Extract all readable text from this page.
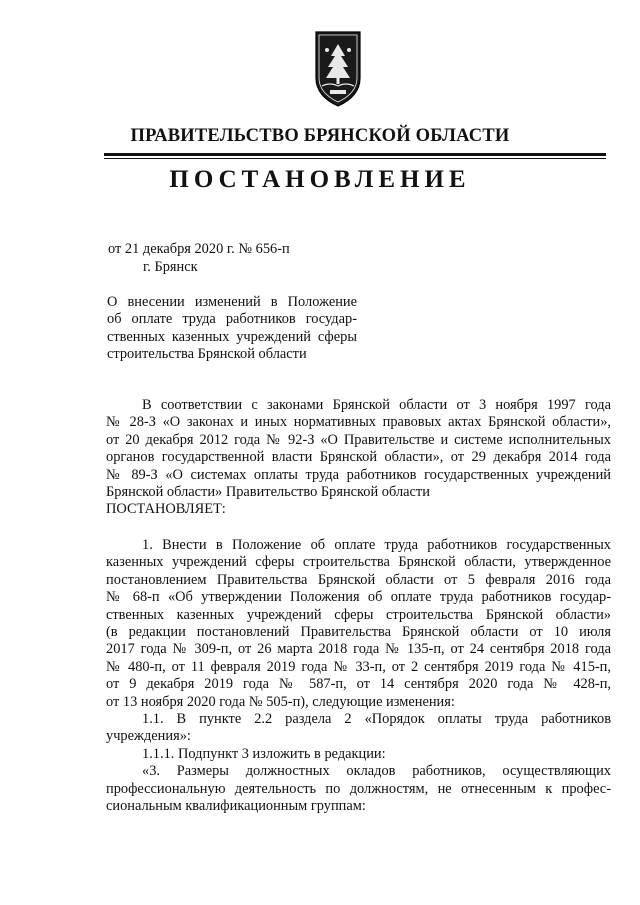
ПРАВИТЕЛЬСТВО БРЯНСКОЙ ОБЛАСТИ
ПОСТАНОВЛЕНИЕ
от 21 декабря 2020 г. № 656-п
г. Брянск
О внесении изменений в Положение
об оплате труда работников государ-
ственных казенных учреждений сферы
строительства Брянской области
В соответствии с законами Брянской области от 3 ноября 1997 года
№ 28-З «О законах и иных нормативных правовых актах Брянской области»,
от 20 декабря 2012 года № 92-З «О Правительстве и системе исполнительных
органов государственной власти Брянской области», от 29 декабря 2014 года
№ 89-З «О системах оплаты труда работников государственных учреждений
Брянской области» Правительство Брянской области
ПОСТАНОВЛЯЕТ:
1. Внести в Положение об оплате труда работников государственных
казенных учреждений сферы строительства Брянской области, утвержденное
постановлением Правительства Брянской области от 5 февраля 2016 года
№ 68-п «Об утверждении Положения об оплате труда работников государ-
ственных казенных учреждений сферы строительства Брянской области»
(в редакции постановлений Правительства Брянской области от 10 июля
2017 года № 309-п, от 26 марта 2018 года № 135-п, от 24 сентября 2018 года
№ 480-п, от 11 февраля 2019 года № 33-п, от 2 сентября 2019 года № 415-п,
от 9 декабря 2019 года № 587-п, от 14 сентября 2020 года № 428-п,
от 13 ноября 2020 года № 505-п), следующие изменения:
1.1. В пункте 2.2 раздела 2 «Порядок оплаты труда работников
учреждения»:
1.1.1. Подпункт 3 изложить в редакции:
«3. Размеры должностных окладов работников, осуществляющих
профессиональную деятельность по должностям, не отнесенным к профес-
сиональным квалификационным группам:
